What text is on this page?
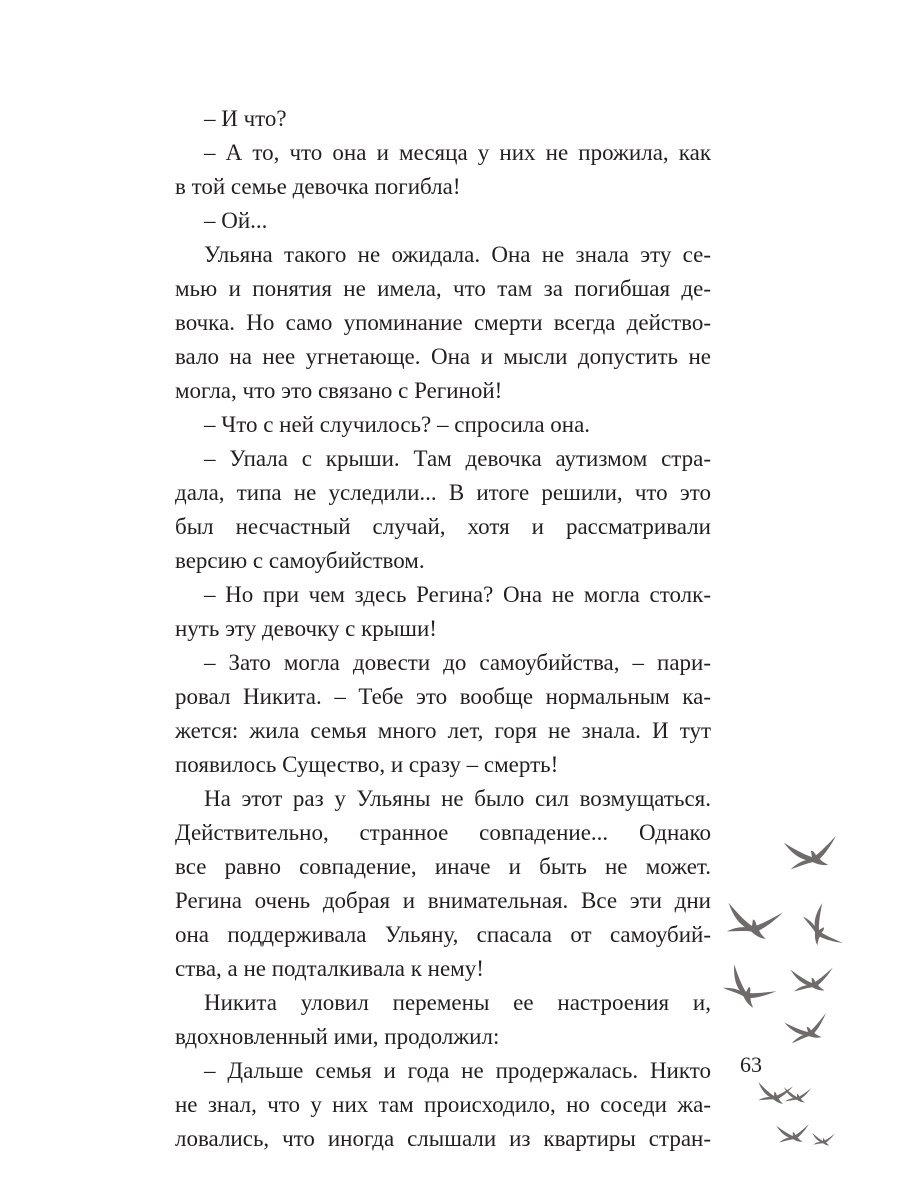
– И что?
– А то, что она и месяца у них не прожила, как
в той семье девочка погибла!
– Ой...
Ульяна такого не ожидала. Она не знала эту се-
мью и понятия не имела, что там за погибшая де-
вочка. Но само упоминание смерти всегда действо-
вало на нее угнетающе. Она и мысли допустить не
могла, что это связано с Региной!
– Что с ней случилось? – спросила она.
– Упала с крыши. Там девочка аутизмом стра-
дала, типа не уследили... В итоге решили, что это
был несчастный случай, хотя и рассматривали
версию с самоубийством.
– Но при чем здесь Регина? Она не могла столк-
нуть эту девочку с крыши!
– Зато могла довести до самоубийства, – пари-
ровал Никита. – Тебе это вообще нормальным ка-
жется: жила семья много лет, горя не знала. И тут
появилось Существо, и сразу – смерть!
На этот раз у Ульяны не было сил возмущаться.
Действительно, странное совпадение... Однако
все равно совпадение, иначе и быть не может.
Регина очень добрая и внимательная. Все эти дни
она поддерживала Ульяну, спасала от самоубий-
ства, а не подталкивала к нему!
Никита уловил перемены ее настроения и,
вдохновленный ими, продолжил:
– Дальше семья и года не продержалась. Никто
не знал, что у них там происходило, но соседи жа-
ловались, что иногда слышали из квартиры стран-
63
